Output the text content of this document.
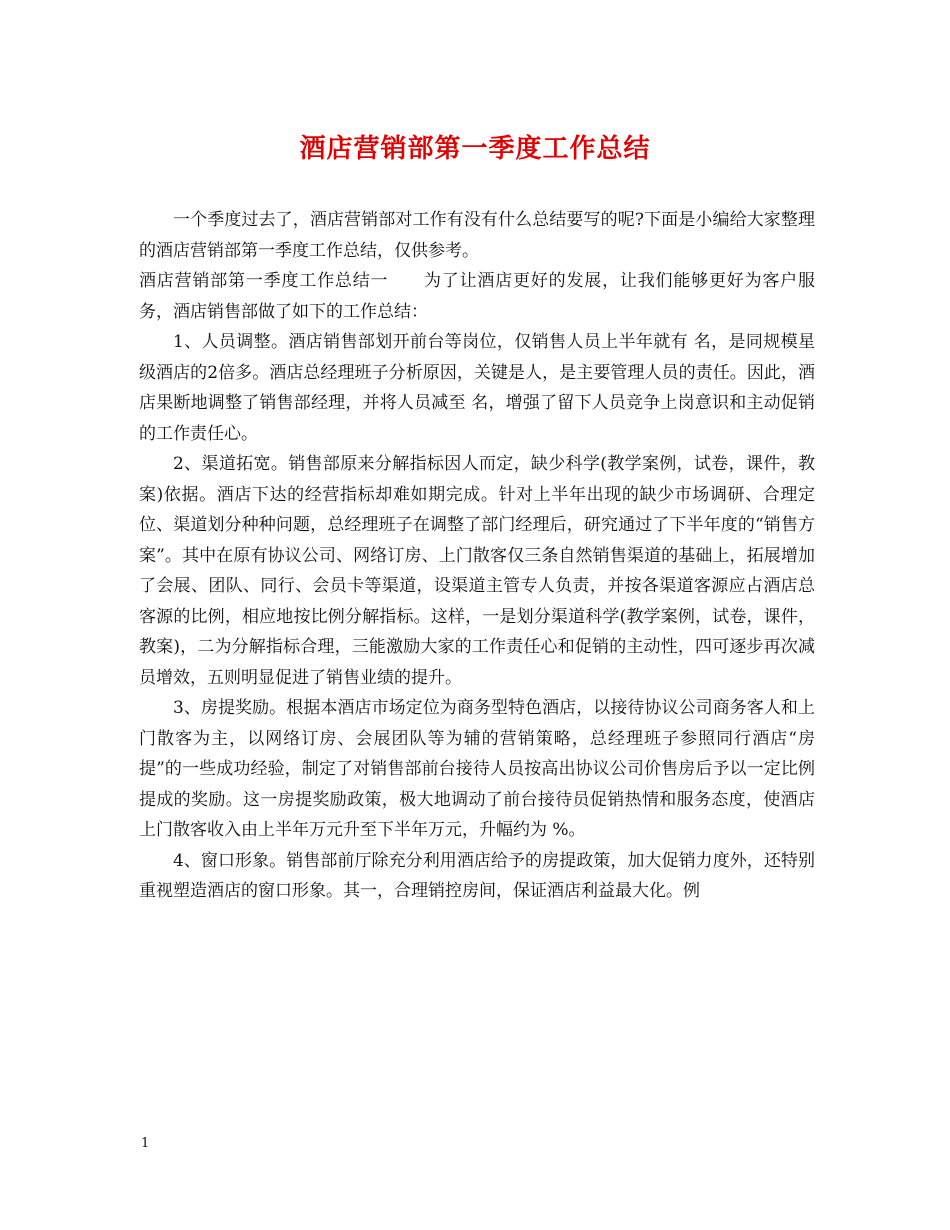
酒店营销部第一季度工作总结

一个季度过去了，酒店营销部对工作有没有什么总结要写的呢?下面是小编给大家整理的酒店营销部第一季度工作总结，仅供参考。

酒店营销部第一季度工作总结一　　为了让酒店更好的发展，让我们能够更好为客户服务，酒店销售部做了如下的工作总结：

1、人员调整。酒店销售部划开前台等岗位，仅销售人员上半年就有 名，是同规模星级酒店的2倍多。酒店总经理班子分析原因，关键是人，是主要管理人员的责任。因此，酒店果断地调整了销售部经理，并将人员减至 名，增强了留下人员竞争上岗意识和主动促销的工作责任心。

2、渠道拓宽。销售部原来分解指标因人而定，缺少科学(教学案例，试卷，课件，教案)依据。酒店下达的经营指标却难如期完成。针对上半年出现的缺少市场调研、合理定位、渠道划分种种问题，总经理班子在调整了部门经理后，研究通过了下半年度的“销售方案”。其中在原有协议公司、网络订房、上门散客仅三条自然销售渠道的基础上，拓展增加了会展、团队、同行、会员卡等渠道，设渠道主管专人负责，并按各渠道客源应占酒店总客源的比例，相应地按比例分解指标。这样，一是划分渠道科学(教学案例，试卷，课件，教案)，二为分解指标合理，三能激励大家的工作责任心和促销的主动性，四可逐步再次减员增效，五则明显促进了销售业绩的提升。

3、房提奖励。根据本酒店市场定位为商务型特色酒店，以接待协议公司商务客人和上门散客为主，以网络订房、会展团队等为辅的营销策略，总经理班子参照同行酒店“房提”的一些成功经验，制定了对销售部前台接待人员按高出协议公司价售房后予以一定比例提成的奖励。这一房提奖励政策，极大地调动了前台接待员促销热情和服务态度，使酒店上门散客收入由上半年万元升至下半年万元，升幅约为 %。

4、窗口形象。销售部前厅除充分利用酒店给予的房提政策，加大促销力度外，还特别重视塑造酒店的窗口形象。其一，合理销控房间，保证酒店利益最大化。例

1
